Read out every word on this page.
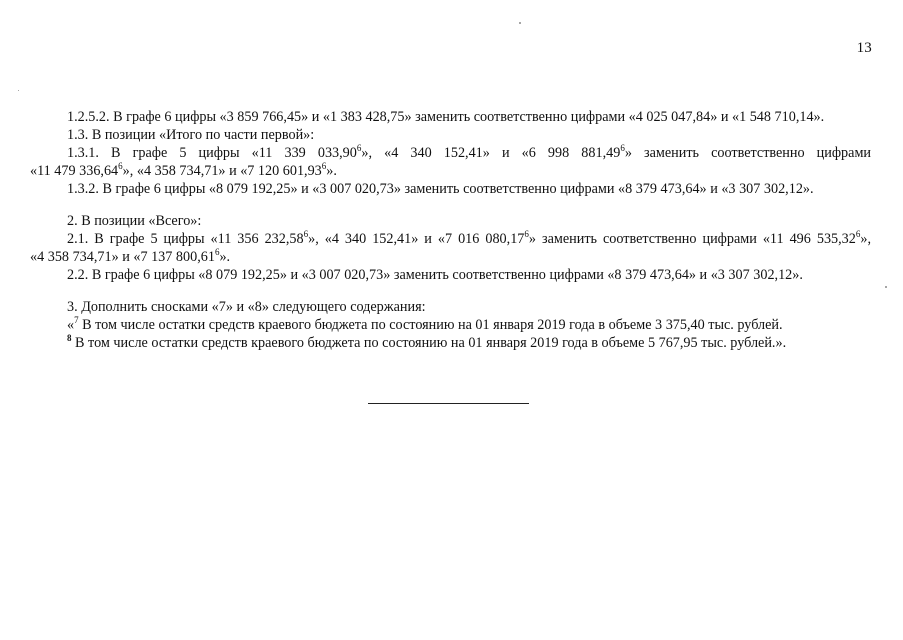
13
1.2.5.2. В графе 6 цифры «3 859 766,45» и «1 383 428,75» заменить соответственно цифрами «4 025 047,84» и «1 548 710,14».
1.3. В позиции «Итого по части первой»:
1.3.1. В графе 5 цифры «11 339 033,90$^6$», «4 340 152,41» и «6 998 881,49$^6$» заменить соответственно цифрами
«11 479 336,64$^6$», «4 358 734,71» и «7 120 601,93$^6$».
1.3.2. В графе 6 цифры «8 079 192,25» и «3 007 020,73» заменить соответственно цифрами «8 379 473,64» и «3 307 302,12».
2. В позиции «Всего»:
2.1. В графе 5 цифры «11 356 232,58$^6$», «4 340 152,41» и «7 016 080,17$^6$» заменить соответственно цифрами «11 496 535,32$^6$»,
«4 358 734,71» и «7 137 800,61$^6$».
2.2. В графе 6 цифры «8 079 192,25» и «3 007 020,73» заменить соответственно цифрами «8 379 473,64» и «3 307 302,12».
3. Дополнить сносками «7» и «8» следующего содержания:
«$^7$ В том числе остатки средств краевого бюджета по состоянию на 01 января 2019 года в объеме 3 375,40 тыс. рублей.
$^8$ В том числе остатки средств краевого бюджета по состоянию на 01 января 2019 года в объеме 5 767,95 тыс. рублей.».
